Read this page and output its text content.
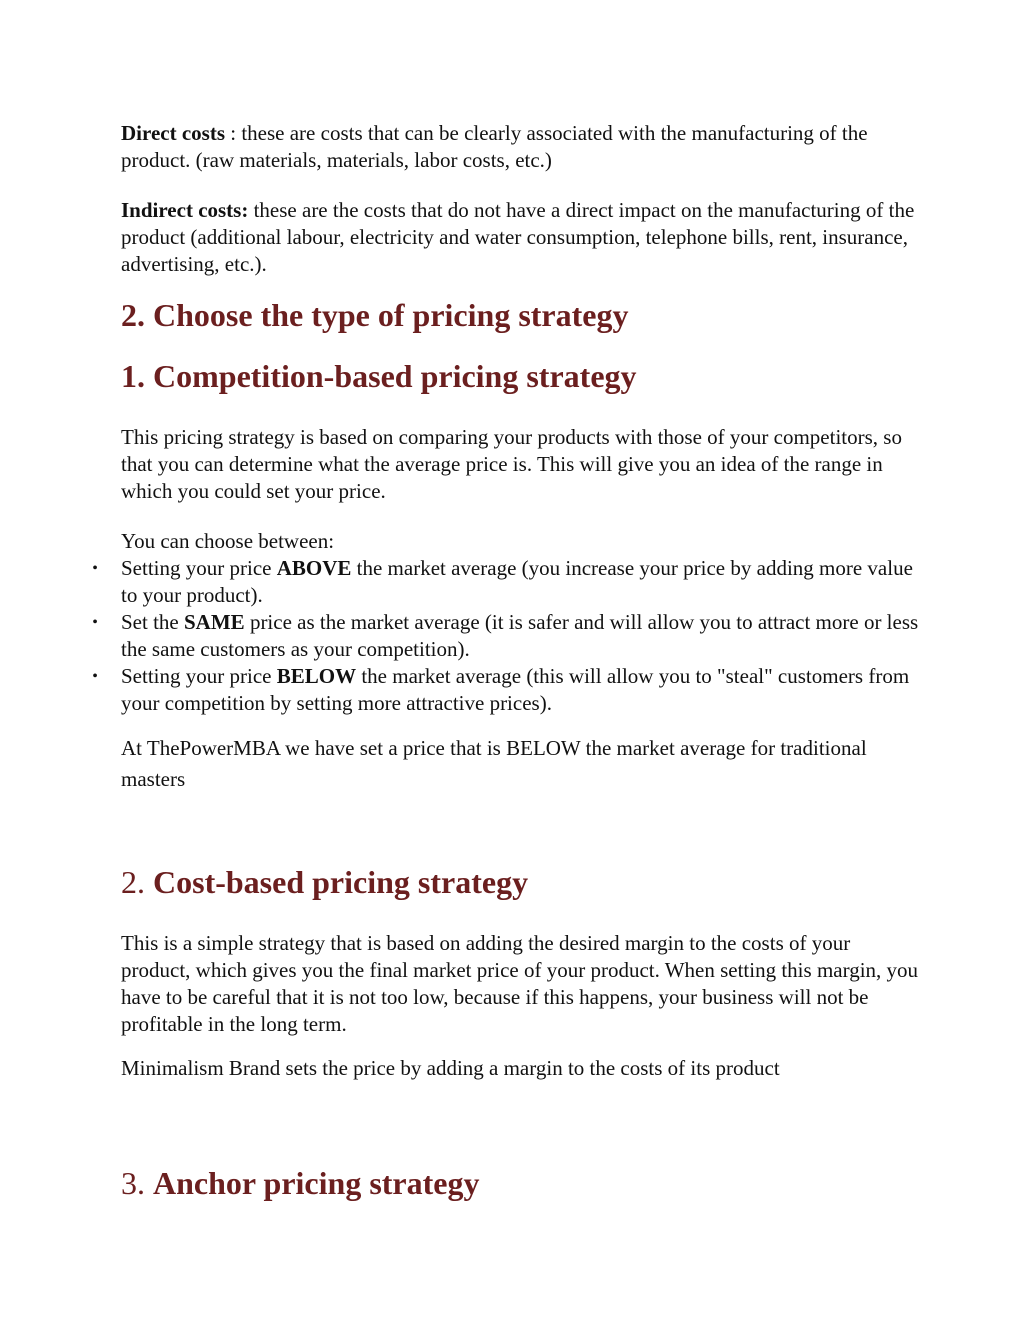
Direct costs : these are costs that can be clearly associated with the manufacturing of the product. (raw materials, materials, labor costs, etc.)

Indirect costs: these are the costs that do not have a direct impact on the manufacturing of the product (additional labour, electricity and water consumption, telephone bills, rent, insurance, advertising, etc.).

2. Choose the type of pricing strategy
1. Competition-based pricing strategy

This pricing strategy is based on comparing your products with those of your competitors, so that you can determine what the average price is. This will give you an idea of the range in which you could set your price.

You can choose between:

• Setting your price ABOVE the market average (you increase your price by adding more value to your product).
• Set the SAME price as the market average (it is safer and will allow you to attract more or less the same customers as your competition).
• Setting your price BELOW the market average (this will allow you to "steal" customers from your competition by setting more attractive prices).

At ThePowerMBA we have set a price that is BELOW the market average for traditional masters

2. Cost-based pricing strategy

This is a simple strategy that is based on adding the desired margin to the costs of your product, which gives you the final market price of your product. When setting this margin, you have to be careful that it is not too low, because if this happens, your business will not be profitable in the long term.

Minimalism Brand sets the price by adding a margin to the costs of its product

3. Anchor pricing strategy
